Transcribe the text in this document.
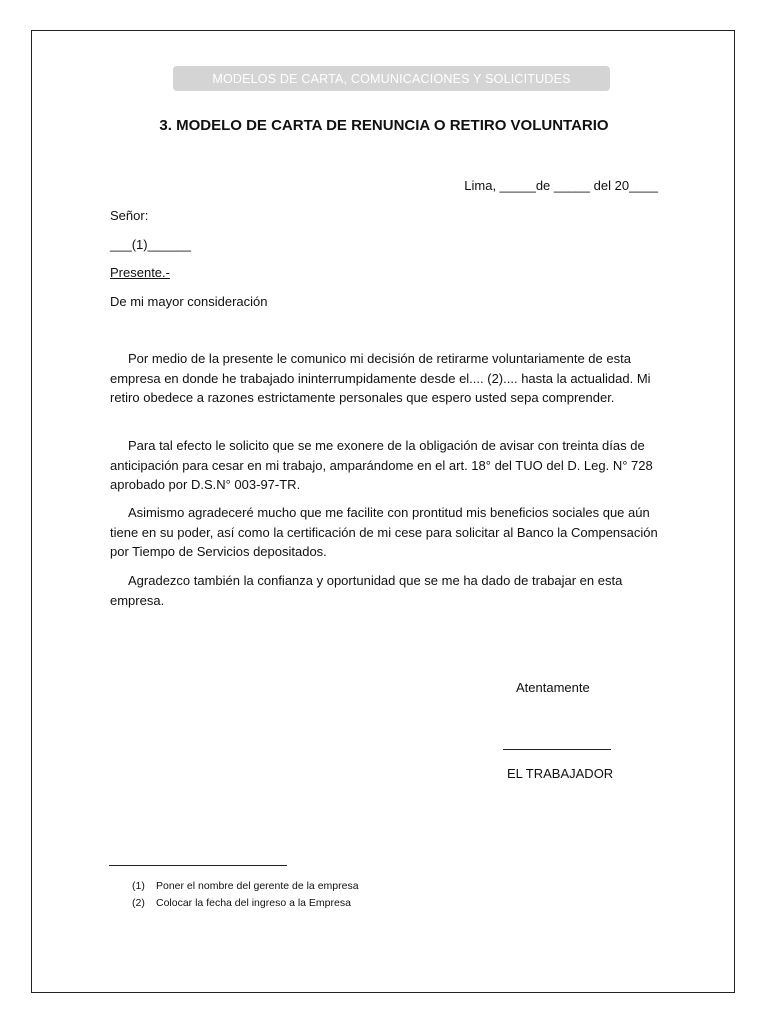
MODELOS DE CARTA, COMUNICACIONES Y SOLICITUDES
3. MODELO DE CARTA DE RENUNCIA O RETIRO VOLUNTARIO
Lima, _____de _____ del 20____
Señor:
___(1)______
Presente.-
De mi mayor consideración
Por medio de la presente le comunico mi decisión de retirarme voluntariamente de esta empresa en donde he trabajado ininterrumpidamente desde el.... (2).... hasta la actualidad. Mi retiro obedece a razones estrictamente personales que espero usted sepa comprender.
Para tal efecto le solicito que se me exonere de la obligación de avisar con treinta días de anticipación para cesar en mi trabajo, amparándome en el art. 18° del TUO del D. Leg. N° 728 aprobado por D.S.N° 003-97-TR.
Asimismo agradeceré mucho que me facilite con prontitud mis beneficios sociales que aún tiene en su poder, así como la certificación de mi cese para solicitar al Banco la Compensación por Tiempo de Servicios depositados.
Agradezco también la confianza y oportunidad que se me ha dado de trabajar en esta empresa.
Atentamente
EL TRABAJADOR
(1) Poner el nombre del gerente de la empresa
(2) Colocar la fecha del ingreso a la Empresa
